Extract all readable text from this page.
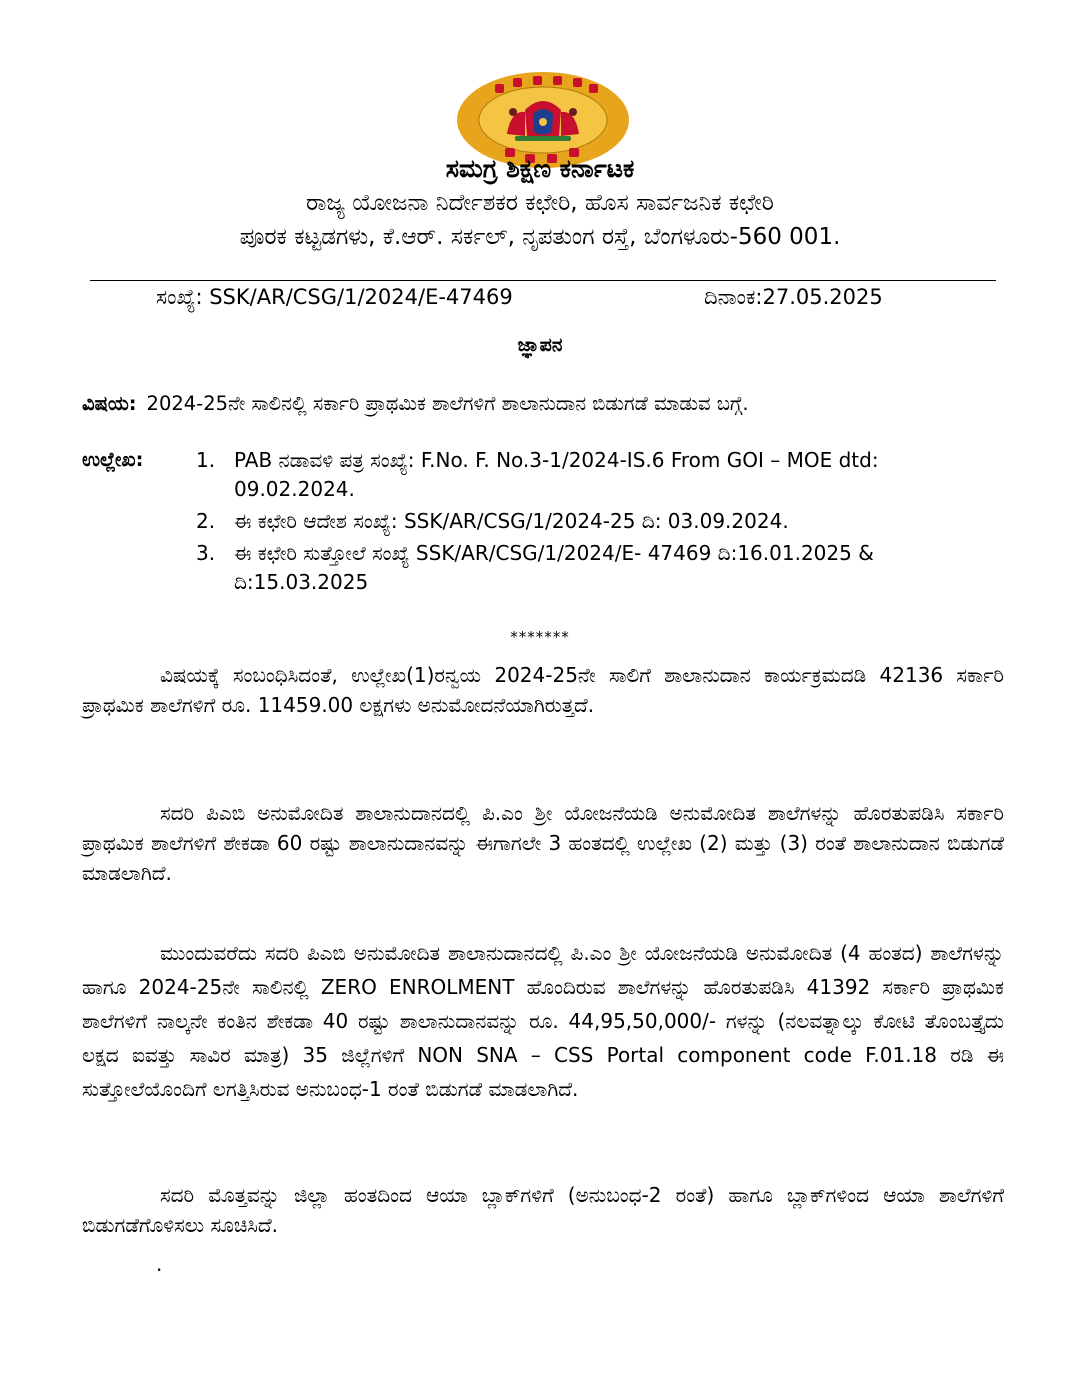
ಸಮಗ್ರ ಶಿಕ್ಷಣ ಕರ್ನಾಟಕ
ರಾಜ್ಯ ಯೋಜನಾ ನಿರ್ದೇಶಕರ ಕಛೇರಿ, ಹೊಸ ಸಾರ್ವಜನಿಕ ಕಛೇರಿ
ಪೂರಕ ಕಟ್ಟಡಗಳು, ಕೆ.ಆರ್. ಸರ್ಕಲ್, ನೃಪತುಂಗ ರಸ್ತೆ, ಬೆಂಗಳೂರು-560 001.
ಸಂಖ್ಯೆ: SSK/AR/CSG/1/2024/E-47469	ದಿನಾಂಕ:27.05.2025
ಜ್ಞಾಪನ
ವಿಷಯ: 2024-25ನೇ ಸಾಲಿನಲ್ಲಿ ಸರ್ಕಾರಿ ಪ್ರಾಥಮಿಕ ಶಾಲೆಗಳಿಗೆ ಶಾಲಾನುದಾನ ಬಿಡುಗಡೆ ಮಾಡುವ ಬಗ್ಗೆ.
ಉಲ್ಲೇಖ:	1. PAB ನಡಾವಳಿ ಪತ್ರ ಸಂಖ್ಯೆ: F.No. F. No.3-1/2024-IS.6 From GOI – MOE dtd: 09.02.2024.
2. ಈ ಕಛೇರಿ ಆದೇಶ ಸಂಖ್ಯೆ: SSK/AR/CSG/1/2024-25 ದಿ: 03.09.2024.
3. ಈ ಕಛೇರಿ ಸುತ್ತೋಲೆ ಸಂಖ್ಯೆ SSK/AR/CSG/1/2024/E- 47469 ದಿ:16.01.2025 & ದಿ:15.03.2025
*******
ವಿಷಯಕ್ಕೆ ಸಂಬಂಧಿಸಿದಂತೆ, ಉಲ್ಲೇಖ(1)ರನ್ವಯ 2024-25ನೇ ಸಾಲಿಗೆ ಶಾಲಾನುದಾನ ಕಾರ್ಯಕ್ರಮದಡಿ 42136 ಸರ್ಕಾರಿ ಪ್ರಾಥಮಿಕ ಶಾಲೆಗಳಿಗೆ ರೂ. 11459.00 ಲಕ್ಷಗಳು ಅನುಮೋದನೆಯಾಗಿರುತ್ತದೆ.
ಸದರಿ ಪಿಎಬಿ ಅನುಮೋದಿತ ಶಾಲಾನುದಾನದಲ್ಲಿ ಪಿ.ಎಂ ಶ್ರೀ ಯೋಜನೆಯಡಿ ಅನುಮೋದಿತ ಶಾಲೆಗಳನ್ನು ಹೊರತುಪಡಿಸಿ ಸರ್ಕಾರಿ ಪ್ರಾಥಮಿಕ ಶಾಲೆಗಳಿಗೆ ಶೇಕಡಾ 60 ರಷ್ಟು ಶಾಲಾನುದಾನವನ್ನು ಈಗಾಗಲೇ 3 ಹಂತದಲ್ಲಿ ಉಲ್ಲೇಖ (2) ಮತ್ತು (3) ರಂತೆ ಶಾಲಾನುದಾನ ಬಿಡುಗಡೆ ಮಾಡಲಾಗಿದೆ.
ಮುಂದುವರೆದು ಸದರಿ ಪಿಎಬಿ ಅನುಮೋದಿತ ಶಾಲಾನುದಾನದಲ್ಲಿ ಪಿ.ಎಂ ಶ್ರೀ ಯೋಜನೆಯಡಿ ಅನುಮೋದಿತ (4 ಹಂತದ) ಶಾಲೆಗಳನ್ನು ಹಾಗೂ 2024-25ನೇ ಸಾಲಿನಲ್ಲಿ ZERO ENROLMENT ಹೊಂದಿರುವ ಶಾಲೆಗಳನ್ನು ಹೊರತುಪಡಿಸಿ 41392 ಸರ್ಕಾರಿ ಪ್ರಾಥಮಿಕ ಶಾಲೆಗಳಿಗೆ ನಾಲ್ಕನೇ ಕಂತಿನ ಶೇಕಡಾ 40 ರಷ್ಟು ಶಾಲಾನುದಾನವನ್ನು ರೂ. 44,95,50,000/- ಗಳನ್ನು (ನಲವತ್ನಾಲ್ಕು ಕೋಟಿ ತೊಂಬತ್ತೈದು ಲಕ್ಷದ ಐವತ್ತು ಸಾವಿರ ಮಾತ್ರ) 35 ಜಿಲ್ಲೆಗಳಿಗೆ NON SNA – CSS Portal component code F.01.18 ರಡಿ ಈ ಸುತ್ತೋಲೆಯೊಂದಿಗೆ ಲಗತ್ತಿಸಿರುವ ಅನುಬಂಧ-1 ರಂತೆ ಬಿಡುಗಡೆ ಮಾಡಲಾಗಿದೆ.
ಸದರಿ ಮೊತ್ತವನ್ನು ಜಿಲ್ಲಾ ಹಂತದಿಂದ ಆಯಾ ಬ್ಲಾಕ್‌ಗಳಿಗೆ (ಅನುಬಂಧ-2 ರಂತೆ) ಹಾಗೂ ಬ್ಲಾಕ್‌ಗಳಿಂದ ಆಯಾ ಶಾಲೆಗಳಿಗೆ ಬಿಡುಗಡೆಗೊಳಿಸಲು ಸೂಚಿಸಿದೆ.
.
